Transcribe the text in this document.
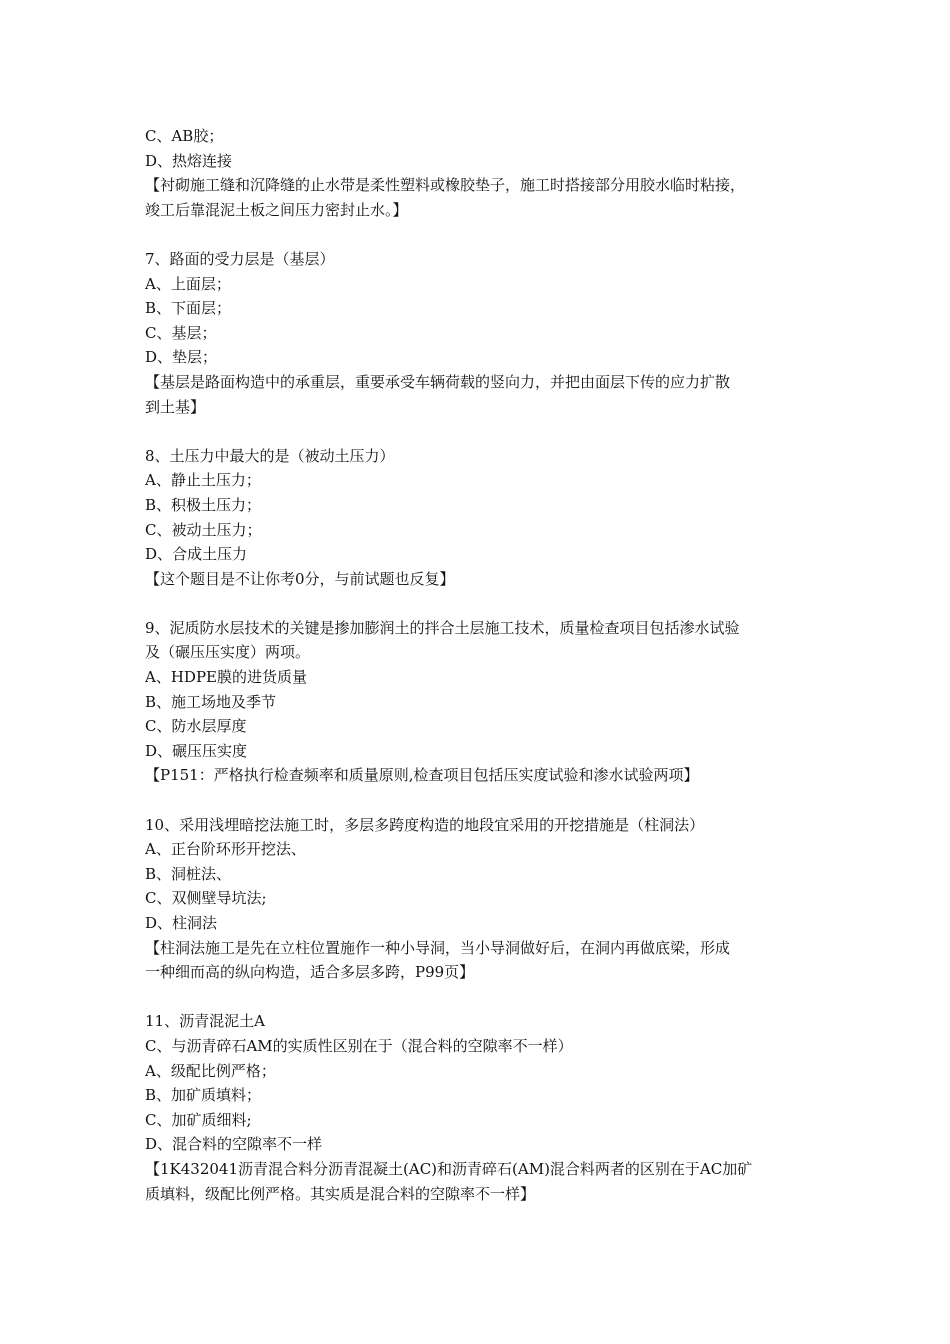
C、AB胶；
D、热熔连接
【衬砌施工缝和沉降缝的止水带是柔性塑料或橡胶垫子，施工时搭接部分用胶水临时粘接，
竣工后靠混泥土板之间压力密封止水。】
7、路面的受力层是（基层）
A、上面层；
B、下面层；
C、基层；
D、垫层；
【基层是路面构造中的承重层，重要承受车辆荷载的竖向力，并把由面层下传的应力扩散
到土基】
8、土压力中最大的是（被动土压力）
A、静止土压力；
B、积极土压力；
C、被动土压力；
D、合成土压力
【这个题目是不让你考0分，与前试题也反复】
9、泥质防水层技术的关键是掺加膨润土的拌合土层施工技术，质量检查项目包括渗水试验
及（碾压压实度）两项。
A、HDPE膜的进货质量
B、施工场地及季节
C、防水层厚度
D、碾压压实度
【P151：严格执行检查频率和质量原则,检查项目包括压实度试验和渗水试验两项】
10、采用浅埋暗挖法施工时，多层多跨度构造的地段宜采用的开挖措施是（柱洞法）
A、正台阶环形开挖法、
B、洞桩法、
C、双侧壁导坑法;
D、柱洞法
【柱洞法施工是先在立柱位置施作一种小导洞，当小导洞做好后，在洞内再做底梁，形成
一种细而高的纵向构造，适合多层多跨，P99页】
11、沥青混泥土A
C、与沥青碎石AM的实质性区别在于（混合料的空隙率不一样）
A、级配比例严格；
B、加矿质填料；
C、加矿质细料;
D、混合料的空隙率不一样
【1K432041沥青混合料分沥青混凝土(AC)和沥青碎石(AM)混合料两者的区别在于AC加矿
质填料，级配比例严格。其实质是混合料的空隙率不一样】
